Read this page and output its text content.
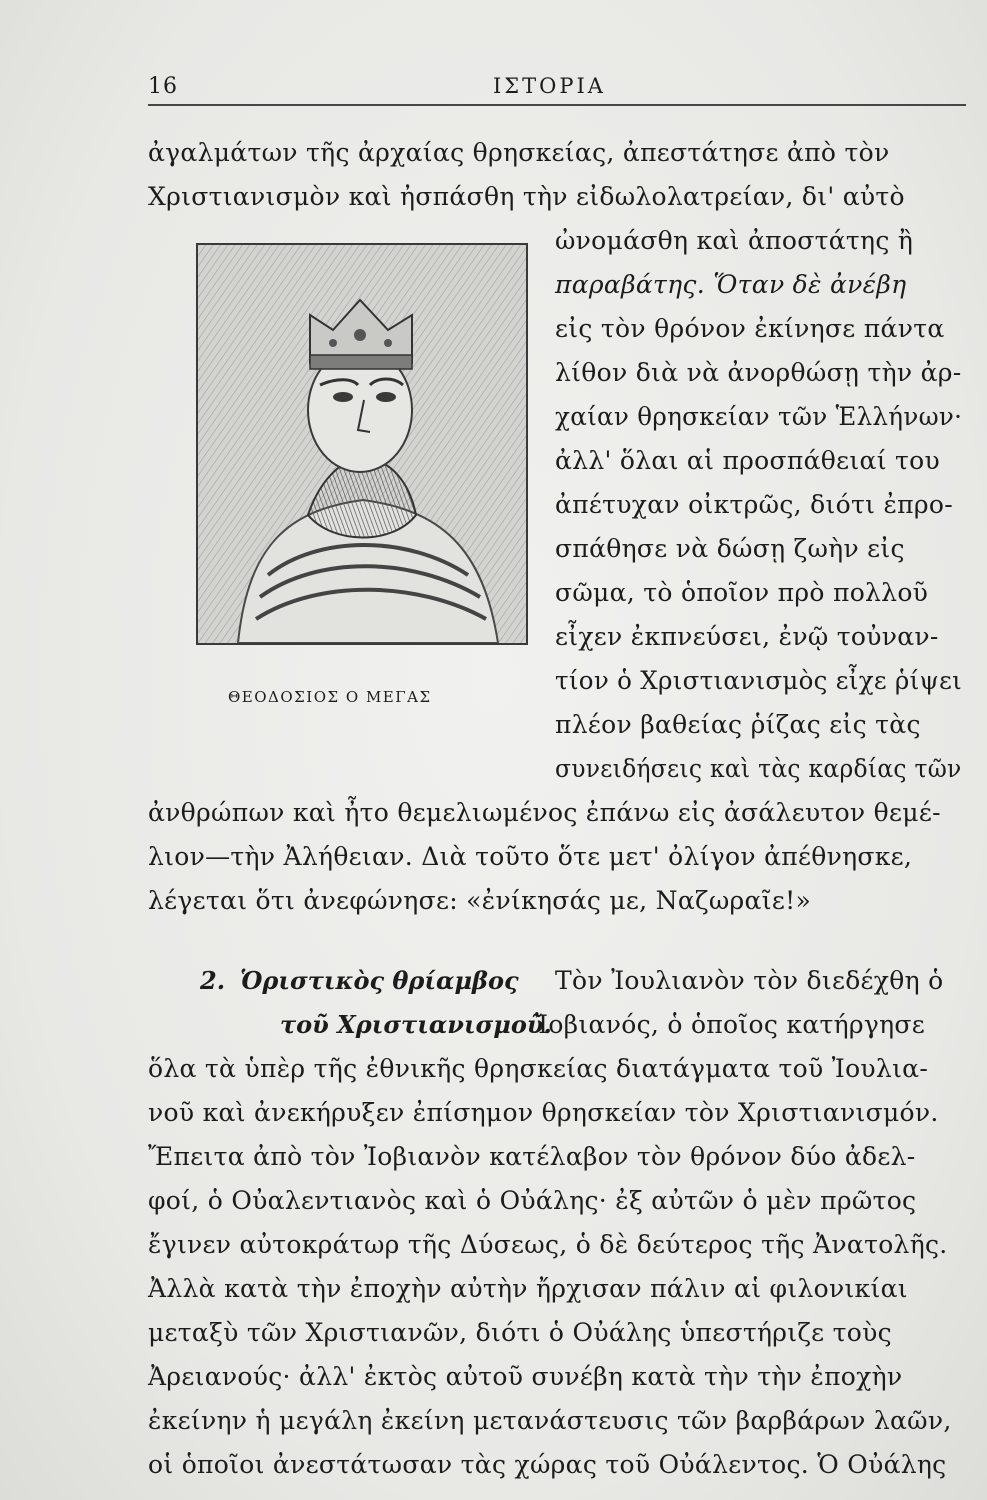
16	ΙΣΤΟΡΙΑ
ἀγαλμάτων τῆς ἀρχαίας θρησκείας, ἀπεστάτησε ἀπὸ τὸν
Χριστιανισμὸν καὶ ἠσπάσθη τὴν εἰδωλολατρείαν, δι' αὐτὸ
ΘΕΟΔΟΣΙΟΣ Ο ΜΕΓΑΣ
ὠνομάσθη καὶ ἀποστάτης ἢ
παραβάτης. Ὅταν δὲ ἀνέβη
εἰς τὸν θρόνον ἐκίνησε πάντα
λίθον διὰ νὰ ἀνορθώσῃ τὴν ἀρ-
χαίαν θρησκείαν τῶν Ἑλλήνων·
ἀλλ' ὅλαι αἱ προσπάθειαί του
ἀπέτυχαν οἰκτρῶς, διότι ἐπρο-
σπάθησε νὰ δώσῃ ζωὴν εἰς
σῶμα, τὸ ὁποῖον πρὸ πολλοῦ
εἶχεν ἐκπνεύσει, ἐνῷ τοὐναν-
τίον ὁ Χριστιανισμὸς εἶχε ῥίψει
πλέον βαθείας ῥίζας εἰς τὰς
συνειδήσεις καὶ τὰς καρδίας τῶν
ἀνθρώπων καὶ ἦτο θεμελιωμένος ἐπάνω εἰς ἀσάλευτον θεμέ-
λιον—τὴν Ἀλήθειαν. Διὰ τοῦτο ὅτε μετ' ὀλίγον ἀπέθνησκε,
λέγεται ὅτι ἀνεφώνησε: «ἐνίκησάς με, Ναζωραῖε!»
2. Ὁριστικὸς θρίαμβος
τοῦ Χριστιανισμοῦ.
Τὸν Ἰουλιανὸν τὸν διεδέχθη ὁ
Ἰοβιανός, ὁ ὁποῖος κατήργησε
ὅλα τὰ ὑπὲρ τῆς ἐθνικῆς θρησκείας διατάγματα τοῦ Ἰουλια-
νοῦ καὶ ἀνεκήρυξεν ἐπίσημον θρησκείαν τὸν Χριστιανισμόν.
Ἔπειτα ἀπὸ τὸν Ἰοβιανὸν κατέλαβον τὸν θρόνον δύο ἀδελ-
φοί, ὁ Οὐαλεντιανὸς καὶ ὁ Οὐάλης· ἐξ αὐτῶν ὁ μὲν πρῶτος
ἔγινεν αὐτοκράτωρ τῆς Δύσεως, ὁ δὲ δεύτερος τῆς Ἀνατολῆς.
Ἀλλὰ κατὰ τὴν ἐποχὴν αὐτὴν ἤρχισαν πάλιν αἱ φιλονικίαι
μεταξὺ τῶν Χριστιανῶν, διότι ὁ Οὐάλης ὑπεστήριζε τοὺς
Ἀρειανούς· ἀλλ' ἐκτὸς αὐτοῦ συνέβη κατὰ τὴν τὴν ἐποχὴν
ἐκείνην ἡ μεγάλη ἐκείνη μετανάστευσις τῶν βαρβάρων λαῶν,
οἱ ὁποῖοι ἀνεστάτωσαν τὰς χώρας τοῦ Οὐάλεντος. Ὁ Οὐάλης
